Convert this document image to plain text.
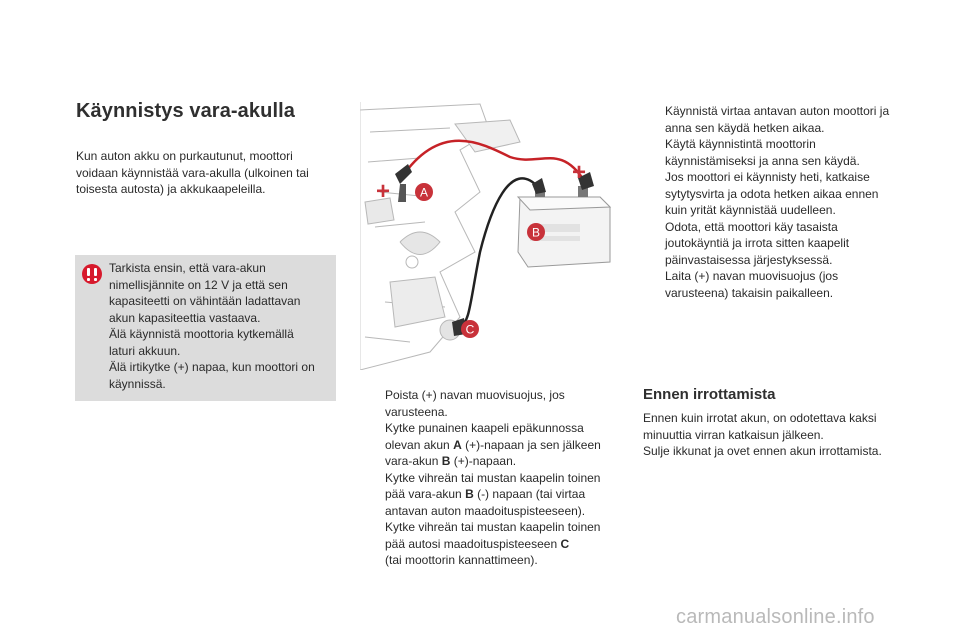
Käynnistys vara-akulla
Kun auton akku on purkautunut, moottori
voidaan käynnistää vara-akulla (ulkoinen tai
toisesta autosta) ja akkukaapeleilla.
Tarkista ensin, että vara-akun
nimellisjännite on 12 V ja että sen
kapasiteetti on vähintään ladattavan
akun kapasiteettia vastaava.
Älä käynnistä moottoria kytkemällä
laturi akkuun.
Älä irtikytke (+) napaa, kun moottori on
käynnissä.
+
+
A
B
C
Poista (+) navan muovisuojus, jos
varusteena.
Kytke punainen kaapeli epäkunnossa
olevan akun A (+)-napaan ja sen jälkeen
vara-akun B (+)-napaan.
Kytke vihreän tai mustan kaapelin toinen
pää vara-akun B (-) napaan (tai virtaa
antavan auton maadoituspisteeseen).
Kytke vihreän tai mustan kaapelin toinen
pää autosi maadoituspisteeseen C
(tai moottorin kannattimeen).
Käynnistä virtaa antavan auton moottori ja
anna sen käydä hetken aikaa.
Käytä käynnistintä moottorin
käynnistämiseksi ja anna sen käydä.
Jos moottori ei käynnisty heti, katkaise
sytytysvirta ja odota hetken aikaa ennen
kuin yrität käynnistää uudelleen.
Odota, että moottori käy tasaista
joutokäyntiä ja irrota sitten kaapelit
päinvastaisessa järjestyksessä.
Laita (+) navan muovisuojus (jos
varusteena) takaisin paikalleen.
Ennen irrottamista
Ennen kuin irrotat akun, on odotettava kaksi
minuuttia virran katkaisun jälkeen.
Sulje ikkunat ja ovet ennen akun irrottamista.
carmanualsonline.info
